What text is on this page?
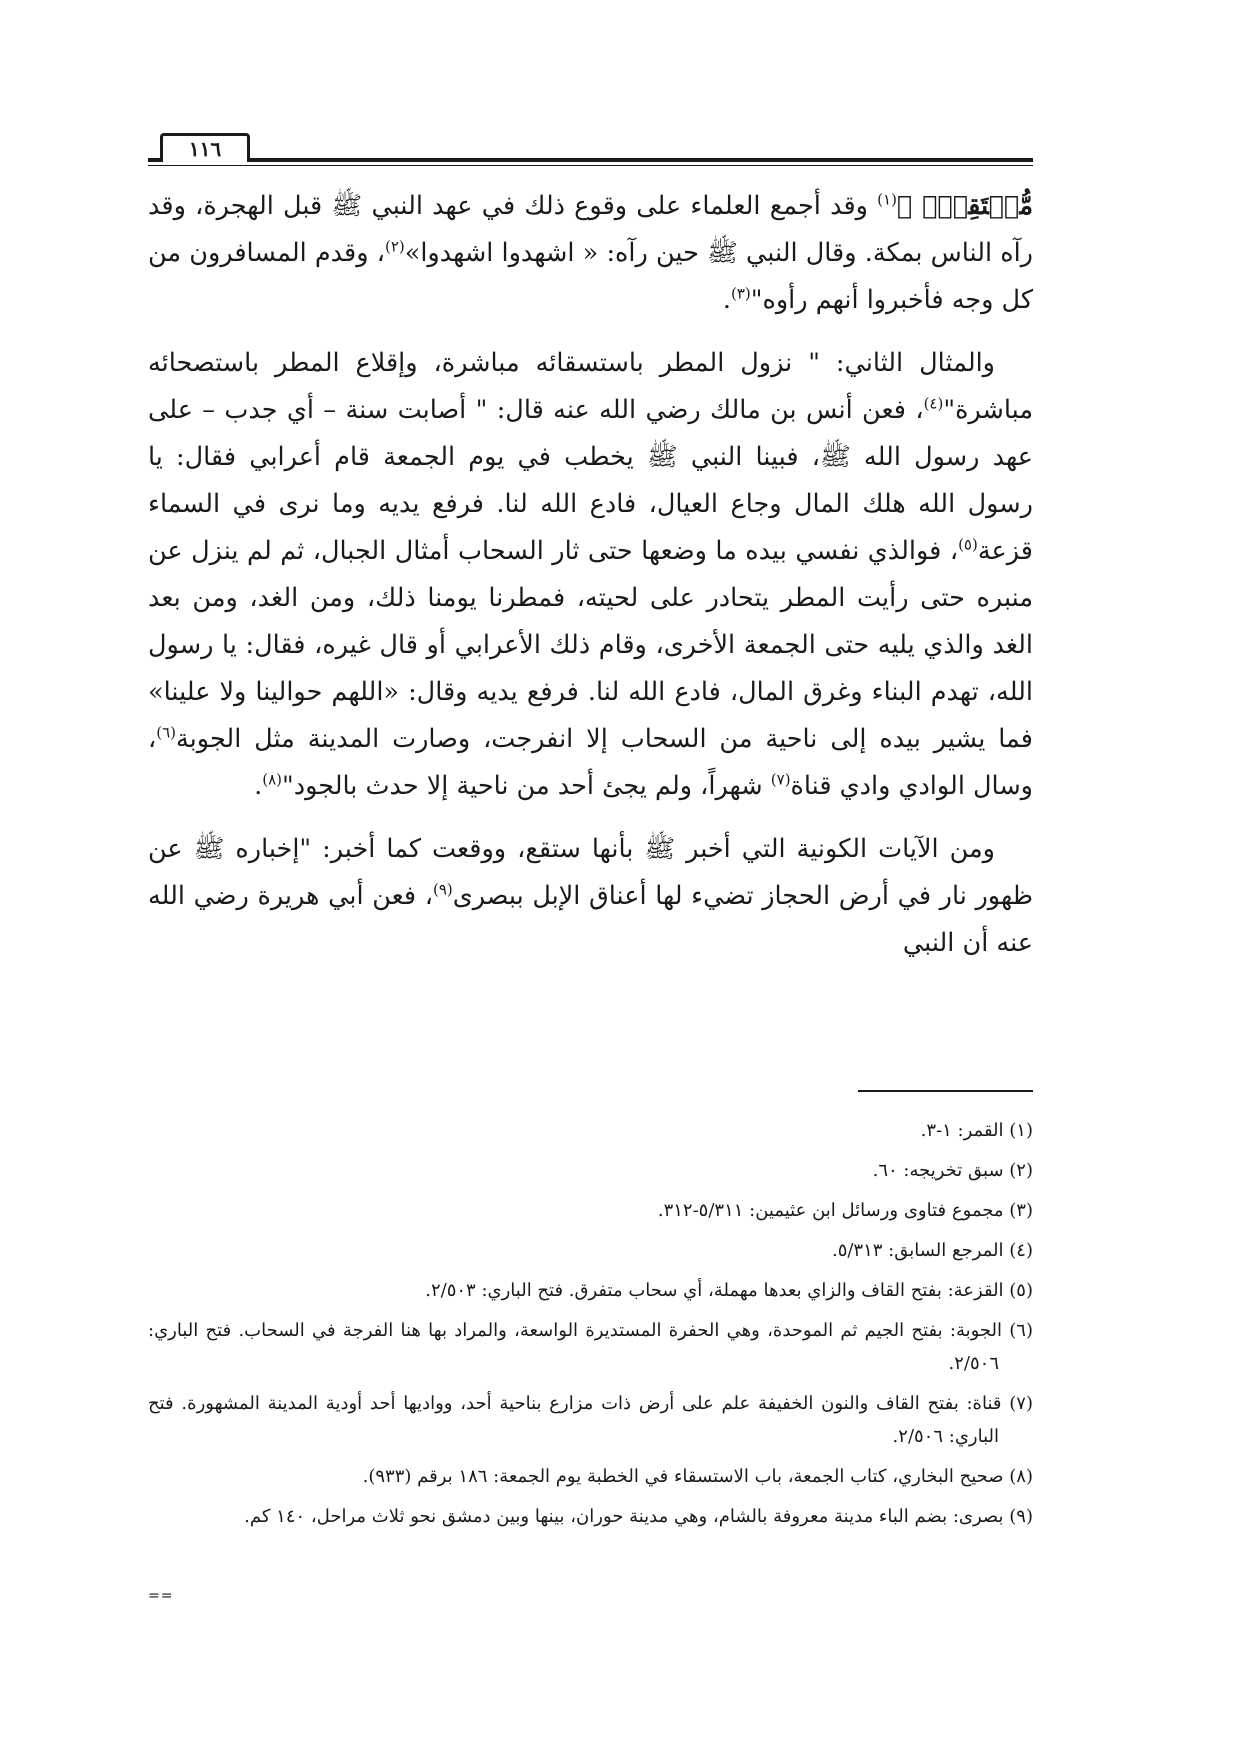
١١٦

مُّسۡتَقِرّٞ ﴾$^{(١)}$ وقد أجمع العلماء على وقوع ذلك في عهد النبي ﷺ قبل الهجرة، وقد رآه الناس بمكة. وقال النبي ﷺ حين رآه: « اشهدوا اشهدوا»$^{(٢)}$، وقدم المسافرون من كل وجه فأخبروا أنهم رأوه"$^{(٣)}$.

والمثال الثاني: " نزول المطر باستسقائه مباشرة، وإقلاع المطر باستصحائه مباشرة"$^{(٤)}$، فعن أنس بن مالك رضي الله عنه قال: " أصابت سنة – أي جدب – على عهد رسول الله ﷺ، فبينا النبي ﷺ يخطب في يوم الجمعة قام أعرابي فقال: يا رسول الله هلك المال وجاع العيال، فادع الله لنا. فرفع يديه وما نرى في السماء قزعة$^{(٥)}$، فوالذي نفسي بيده ما وضعها حتى ثار السحاب أمثال الجبال، ثم لم ينزل عن منبره حتى رأيت المطر يتحادر على لحيته، فمطرنا يومنا ذلك، ومن الغد، ومن بعد الغد والذي يليه حتى الجمعة الأخرى، وقام ذلك الأعرابي أو قال غيره، فقال: يا رسول الله، تهدم البناء وغرق المال، فادع الله لنا. فرفع يديه وقال: «اللهم حوالينا ولا علينا» فما يشير بيده إلى ناحية من السحاب إلا انفرجت، وصارت المدينة مثل الجوبة$^{(٦)}$، وسال الوادي وادي قناة$^{(٧)}$ شهراً، ولم يجئ أحد من ناحية إلا حدث بالجود"$^{(٨)}$.

ومن الآيات الكونية التي أخبر ﷺ بأنها ستقع، ووقعت كما أخبر: "إخباره ﷺ عن ظهور نار في أرض الحجاز تضيء لها أعناق الإبل ببصرى$^{(٩)}$، فعن أبي هريرة رضي الله عنه أن النبي

(١) القمر: ١-٣.
(٢) سبق تخريجه: ٦٠.
(٣) مجموع فتاوى ورسائل ابن عثيمين: ٥/٣١١-٣١٢.
(٤) المرجع السابق: ٥/٣١٣.
(٥) القزعة: بفتح القاف والزاي بعدها مهملة، أي سحاب متفرق. فتح الباري: ٢/٥٠٣.
(٦) الجوبة: بفتح الجيم ثم الموحدة، وهي الحفرة المستديرة الواسعة، والمراد بها هنا الفرجة في السحاب. فتح الباري: ٢/٥٠٦.
(٧) قناة: بفتح القاف والنون الخفيفة علم على أرض ذات مزارع بناحية أحد، وواديها أحد أودية المدينة المشهورة. فتح الباري: ٢/٥٠٦.
(٨) صحيح البخاري، كتاب الجمعة، باب الاستسقاء في الخطبة يوم الجمعة: ١٨٦ برقم (٩٣٣).
(٩) بصرى: بضم الباء مدينة معروفة بالشام، وهي مدينة حوران، بينها وبين دمشق نحو ثلاث مراحل، ١٤٠ كم.
==
